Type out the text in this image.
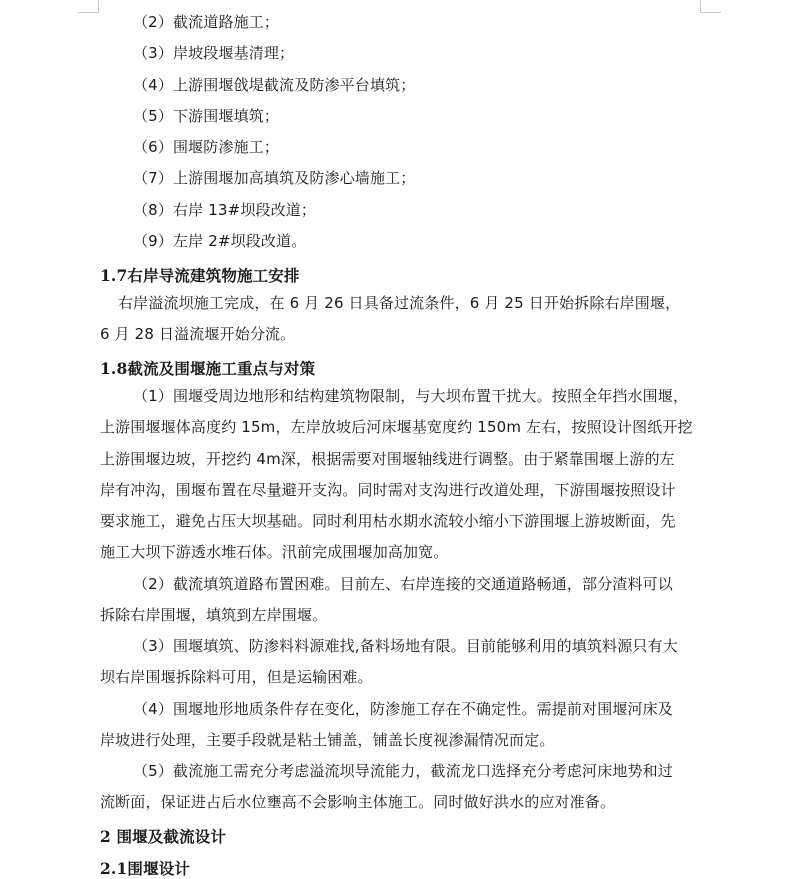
（2）截流道路施工；
（3）岸坡段堰基清理；
（4）上游围堰戗堤截流及防渗平台填筑；
（5）下游围堰填筑；
（6）围堰防渗施工；
（7）上游围堰加高填筑及防渗心墙施工；
（8）右岸 13#坝段改道；
（9）左岸 2#坝段改道。
1.7右岸导流建筑物施工安排
右岸溢流坝施工完成，在 6 月 26 日具备过流条件，6 月 25 日开始拆除右岸围堰，
6 月 28 日溢流堰开始分流。
1.8截流及围堰施工重点与对策
（1）围堰受周边地形和结构建筑物限制，与大坝布置干扰大。按照全年挡水围堰，
上游围堰堰体高度约 15m，左岸放坡后河床堰基宽度约 150m 左右，按照设计图纸开挖
上游围堰边坡，开挖约 4m深，根据需要对围堰轴线进行调整。由于紧靠围堰上游的左
岸有冲沟，围堰布置在尽量避开支沟。同时需对支沟进行改道处理，下游围堰按照设计
要求施工，避免占压大坝基础。同时利用枯水期水流较小缩小下游围堰上游坡断面，先
施工大坝下游透水堆石体。汛前完成围堰加高加宽。
（2）截流填筑道路布置困难。目前左、右岸连接的交通道路畅通，部分渣料可以
拆除右岸围堰，填筑到左岸围堰。
（3）围堰填筑、防渗料料源难找,备料场地有限。目前能够利用的填筑料源只有大
坝右岸围堰拆除料可用，但是运输困难。
（4）围堰地形地质条件存在变化，防渗施工存在不确定性。需提前对围堰河床及
岸坡进行处理，主要手段就是粘土铺盖，铺盖长度视渗漏情况而定。
（5）截流施工需充分考虑溢流坝导流能力，截流龙口选择充分考虑河床地势和过
流断面，保证进占后水位壅高不会影响主体施工。同时做好洪水的应对准备。
2 围堰及截流设计
2.1围堰设计
